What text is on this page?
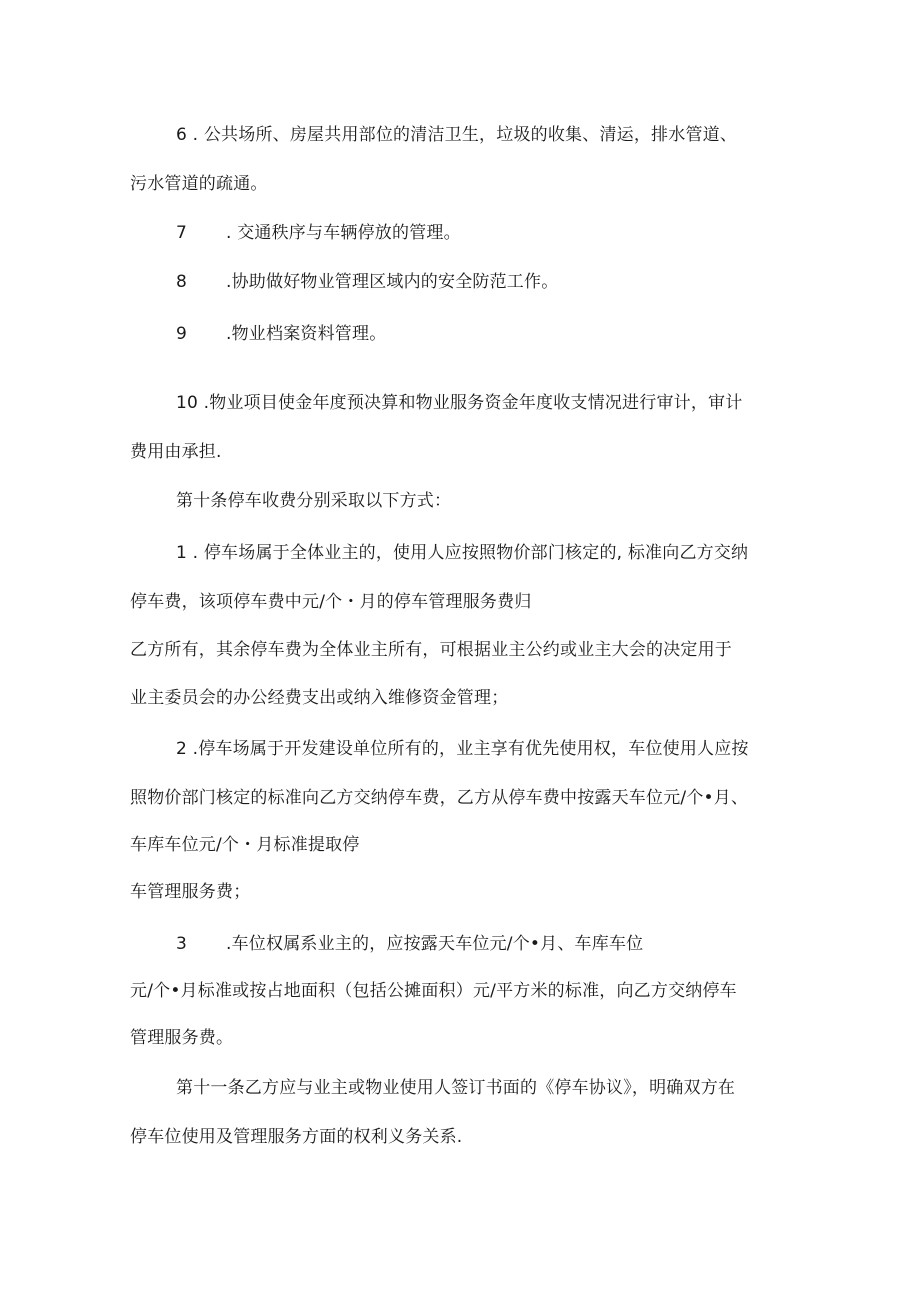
6 . 公共场所、房屋共用部位的清洁卫生，垃圾的收集、清运，排水管道、
污水管道的疏通。
7 . 交通秩序与车辆停放的管理。
8 .协助做好物业管理区域内的安全防范工作。
9 .物业档案资料管理。
10 .物业项目使金年度预决算和物业服务资金年度收支情况进行审计，审计
费用由承担.
第十条停车收费分别采取以下方式：
1 . 停车场属于全体业主的，使用人应按照物价部门核定的, 标准向乙方交纳
停车费，该项停车费中元/个・月的停车管理服务费归
乙方所有，其余停车费为全体业主所有，可根据业主公约或业主大会的决定用于
业主委员会的办公经费支出或纳入维修资金管理；
2 .停车场属于开发建设单位所有的，业主享有优先使用权，车位使用人应按
照物价部门核定的标准向乙方交纳停车费，乙方从停车费中按露天车位元/个•月、
车库车位元/个・月标准提取停
车管理服务费；
3 .车位权属系业主的，应按露天车位元/个•月、车库车位
元/个•月标准或按占地面积（包括公摊面积）元/平方米的标准，向乙方交纳停车
管理服务费。
第十一条乙方应与业主或物业使用人签订书面的《停车协议》，明确双方在
停车位使用及管理服务方面的权利义务关系.
